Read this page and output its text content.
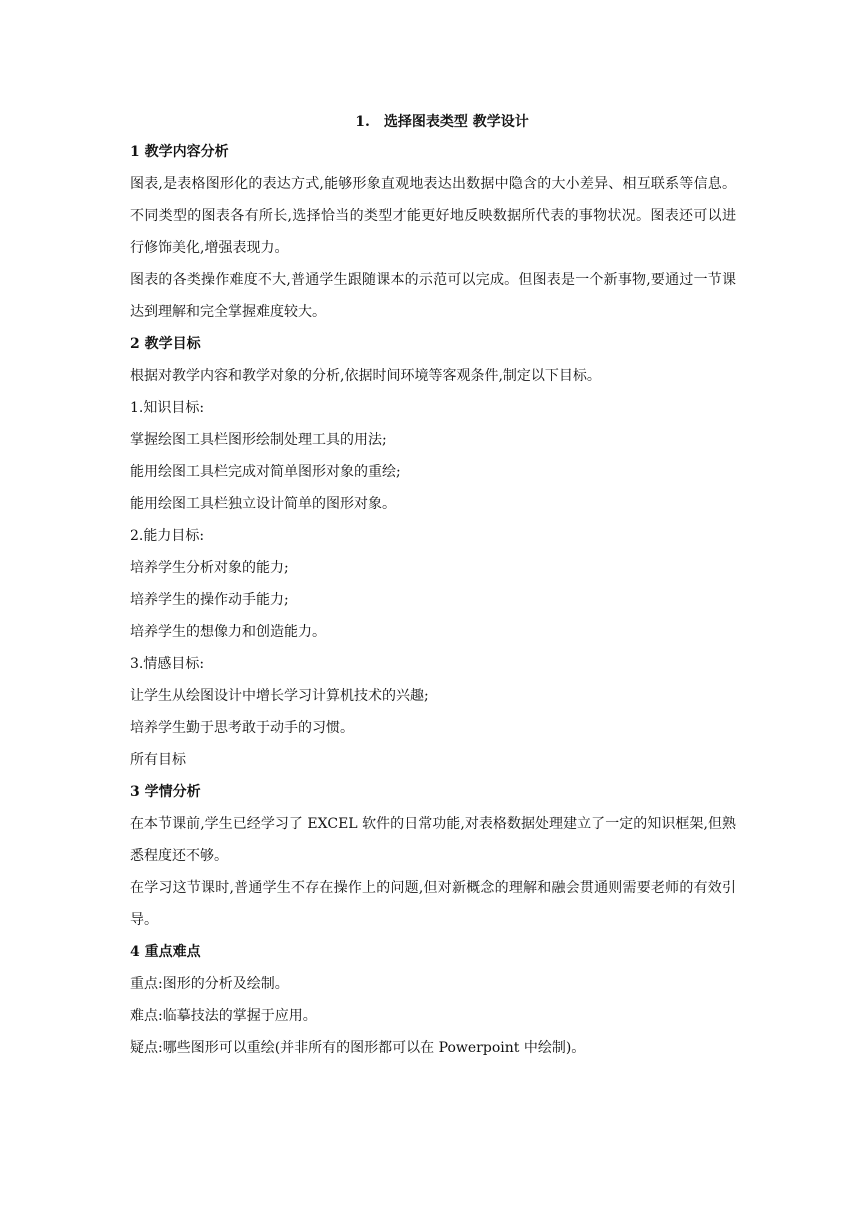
1. 选择图表类型 教学设计
1 教学内容分析

图表,是表格图形化的表达方式,能够形象直观地表达出数据中隐含的大小差异、相互联系等信息。不同类型的图表各有所长,选择恰当的类型才能更好地反映数据所代表的事物状况。图表还可以进行修饰美化,增强表现力。

图表的各类操作难度不大,普通学生跟随课本的示范可以完成。但图表是一个新事物,要通过一节课达到理解和完全掌握难度较大。

2 教学目标

根据对教学内容和教学对象的分析,依据时间环境等客观条件,制定以下目标。

1.知识目标:

掌握绘图工具栏图形绘制处理工具的用法;

能用绘图工具栏完成对简单图形对象的重绘;

能用绘图工具栏独立设计简单的图形对象。

2.能力目标:

培养学生分析对象的能力;

培养学生的操作动手能力;

培养学生的想像力和创造能力。

3.情感目标:

让学生从绘图设计中增长学习计算机技术的兴趣;

培养学生勤于思考敢于动手的习惯。

所有目标

3 学情分析

在本节课前,学生已经学习了 EXCEL 软件的日常功能,对表格数据处理建立了一定的知识框架,但熟悉程度还不够。

在学习这节课时,普通学生不存在操作上的问题,但对新概念的理解和融会贯通则需要老师的有效引导。

4 重点难点

重点:图形的分析及绘制。

难点:临摹技法的掌握于应用。

疑点:哪些图形可以重绘(并非所有的图形都可以在 Powerpoint 中绘制)。
